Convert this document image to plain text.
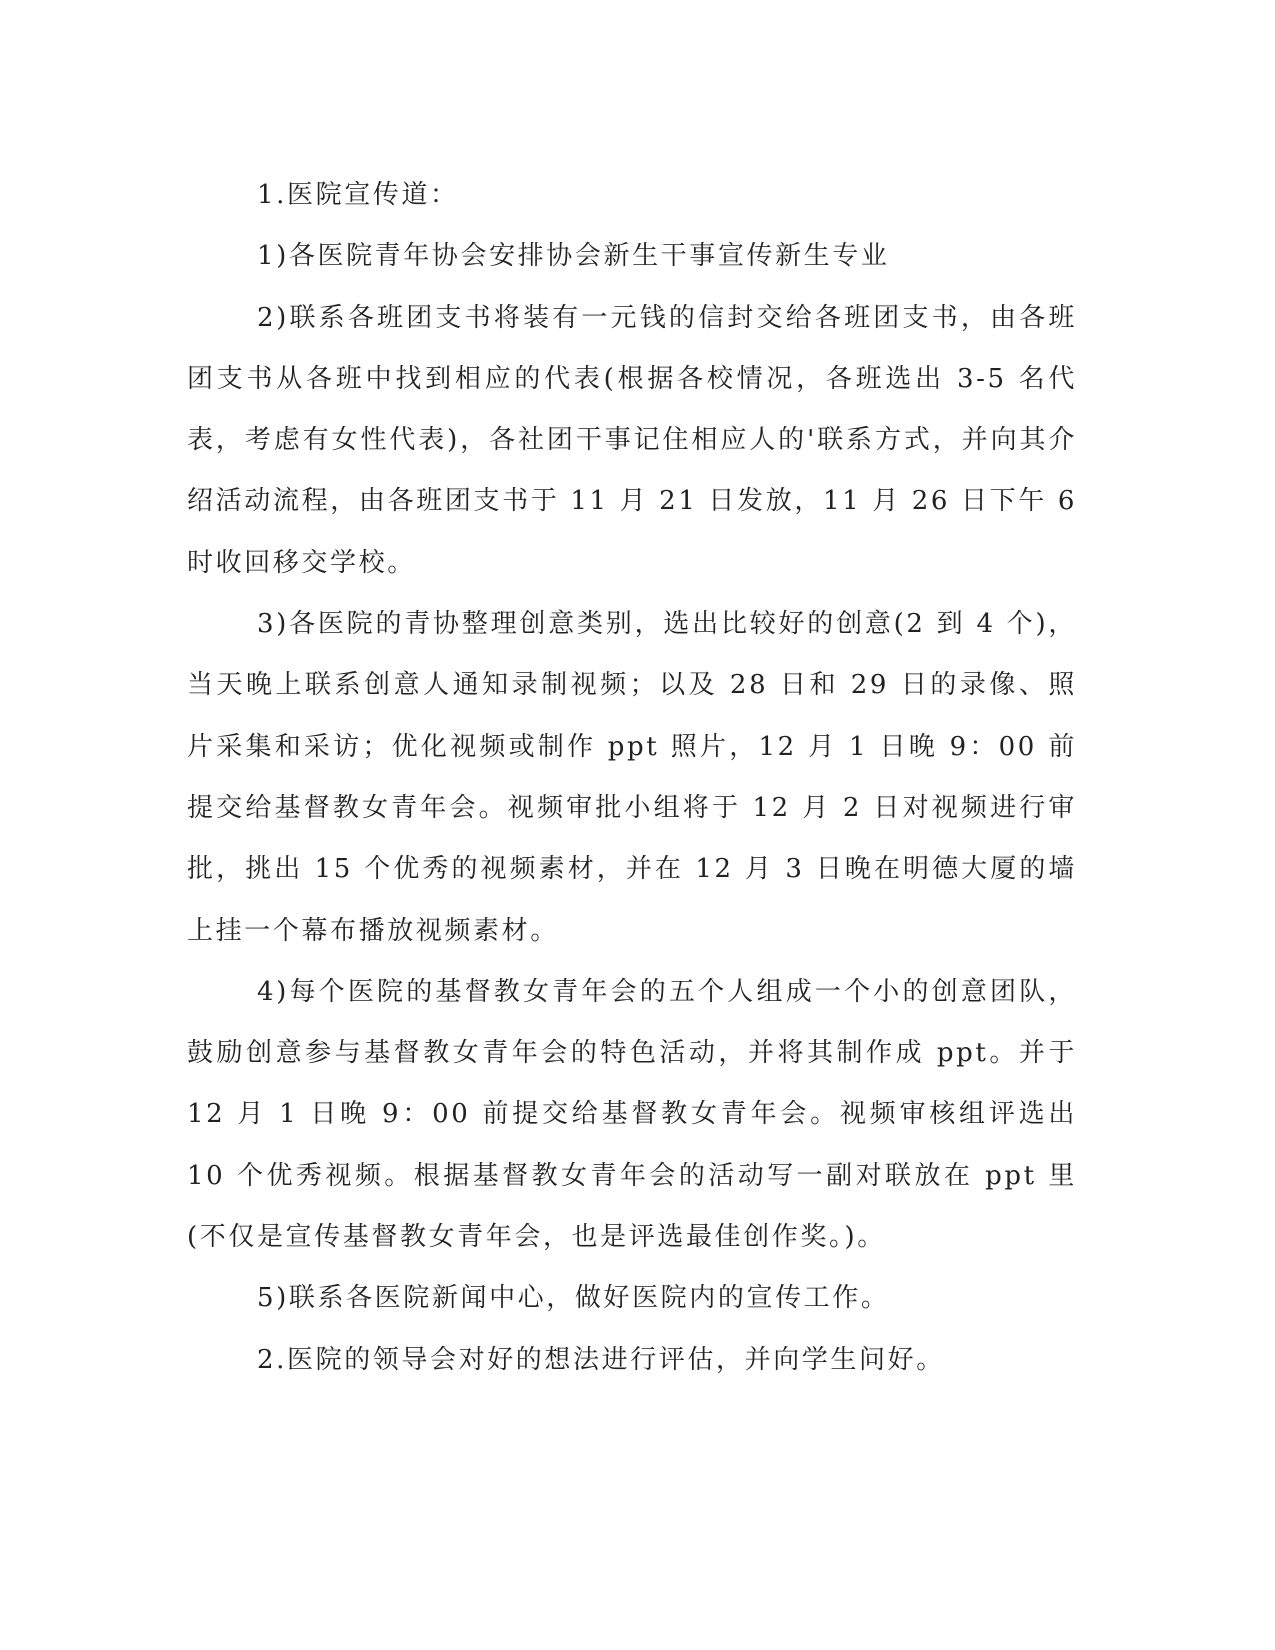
1.医院宣传道：

1)各医院青年协会安排协会新生干事宣传新生专业

2)联系各班团支书将装有一元钱的信封交给各班团支书，由各班团支书从各班中找到相应的代表(根据各校情况，各班选出 3-5 名代表，考虑有女性代表)，各社团干事记住相应人的'联系方式，并向其介绍活动流程，由各班团支书于 11 月 21 日发放，11 月 26 日下午 6 时收回移交学校。

3)各医院的青协整理创意类别，选出比较好的创意(2 到 4 个)，当天晚上联系创意人通知录制视频；以及 28 日和 29 日的录像、照片采集和采访；优化视频或制作 ppt 照片，12 月 1 日晚 9：00 前提交给基督教女青年会。视频审批小组将于 12 月 2 日对视频进行审批，挑出 15 个优秀的视频素材，并在 12 月 3 日晚在明德大厦的墙上挂一个幕布播放视频素材。

4)每个医院的基督教女青年会的五个人组成一个小的创意团队，鼓励创意参与基督教女青年会的特色活动，并将其制作成 ppt。并于 12 月 1 日晚 9：00 前提交给基督教女青年会。视频审核组评选出 10 个优秀视频。根据基督教女青年会的活动写一副对联放在 ppt 里(不仅是宣传基督教女青年会，也是评选最佳创作奖。)。

5)联系各医院新闻中心，做好医院内的宣传工作。

2.医院的领导会对好的想法进行评估，并向学生问好。
